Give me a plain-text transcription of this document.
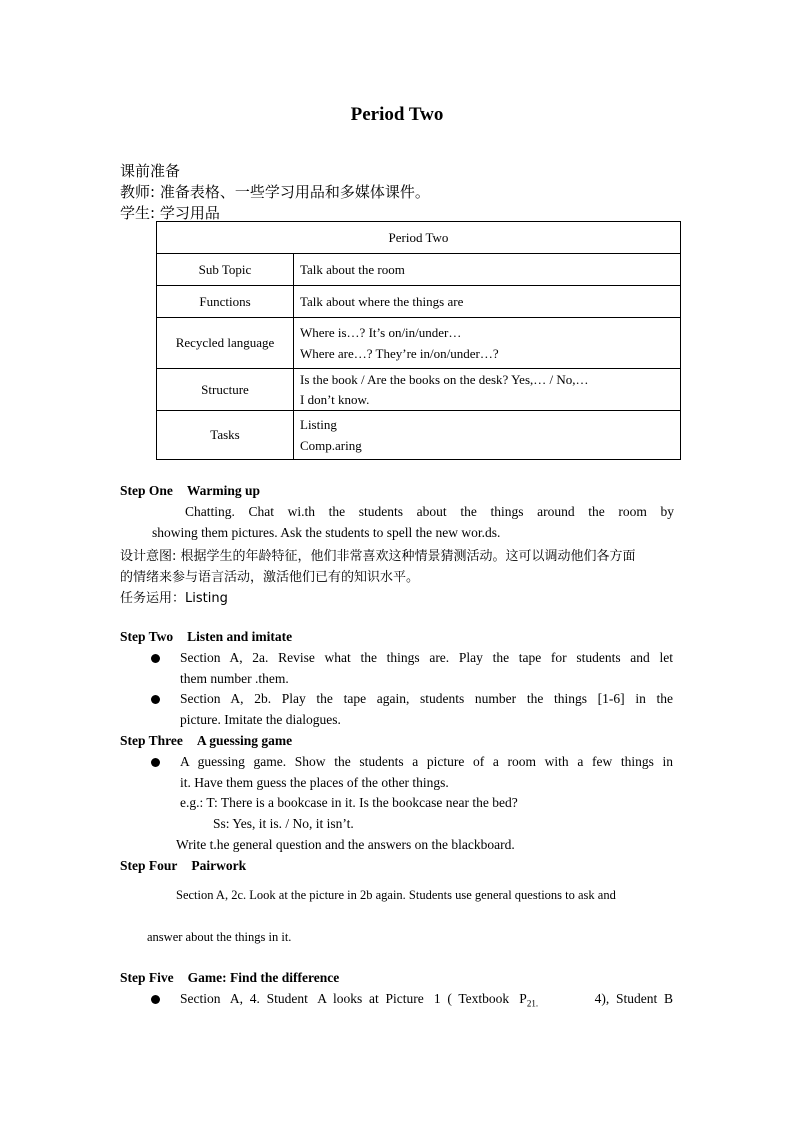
Period Two
课前准备
教师: 准备表格、一些学习用品和多媒体课件。
学生: 学习用品
Period Two	
Sub Topic	Talk about the room
Functions	Talk about where the things are
Recycled language	Where is…? It’s on/in/under…
Where are…? They’re in/on/under…?

Structure	Is the book / Are the books on the desk? Yes,… / No,…
I don’t know.

Tasks	Listing
Comp.aring
Step One Warming up
Chatting. Chat wi.th the students about the things around the room by
showing them pictures. Ask the students to spell the new wor.ds.
设计意图: 根据学生的年龄特征，他们非常喜欢这种情景猜测活动。这可以调动他们各方面
的情绪来参与语言活动，激活他们已有的知识水平。
任务运用：Listing
Step Two Listen and imitate
Section A, 2a. Revise what the things are. Play the tape for students and let
them number .them.
Section A, 2b. Play the tape again, students number the things [1-6] in the
picture. Imitate the dialogues.
Step Three A guessing game
A guessing game. Show the students a picture of a room with a few things in
it. Have them guess the places of the other things.
e.g.: T: There is a bookcase in it. Is the bookcase near the bed?
Ss: Yes, it is. / No, it isn’t.
Write t.he general question and the answers on the blackboard.
Step Four Pairwork
Section A, 2c. Look at the picture in 2b again. Students use general questions to ask and
answer about the things in it.
Step Five Game: Find the difference
Section   A,  4.  Student   A  looks  at  Picture   1  (  Textbook   $P_{21.}$	4),  Student  B
